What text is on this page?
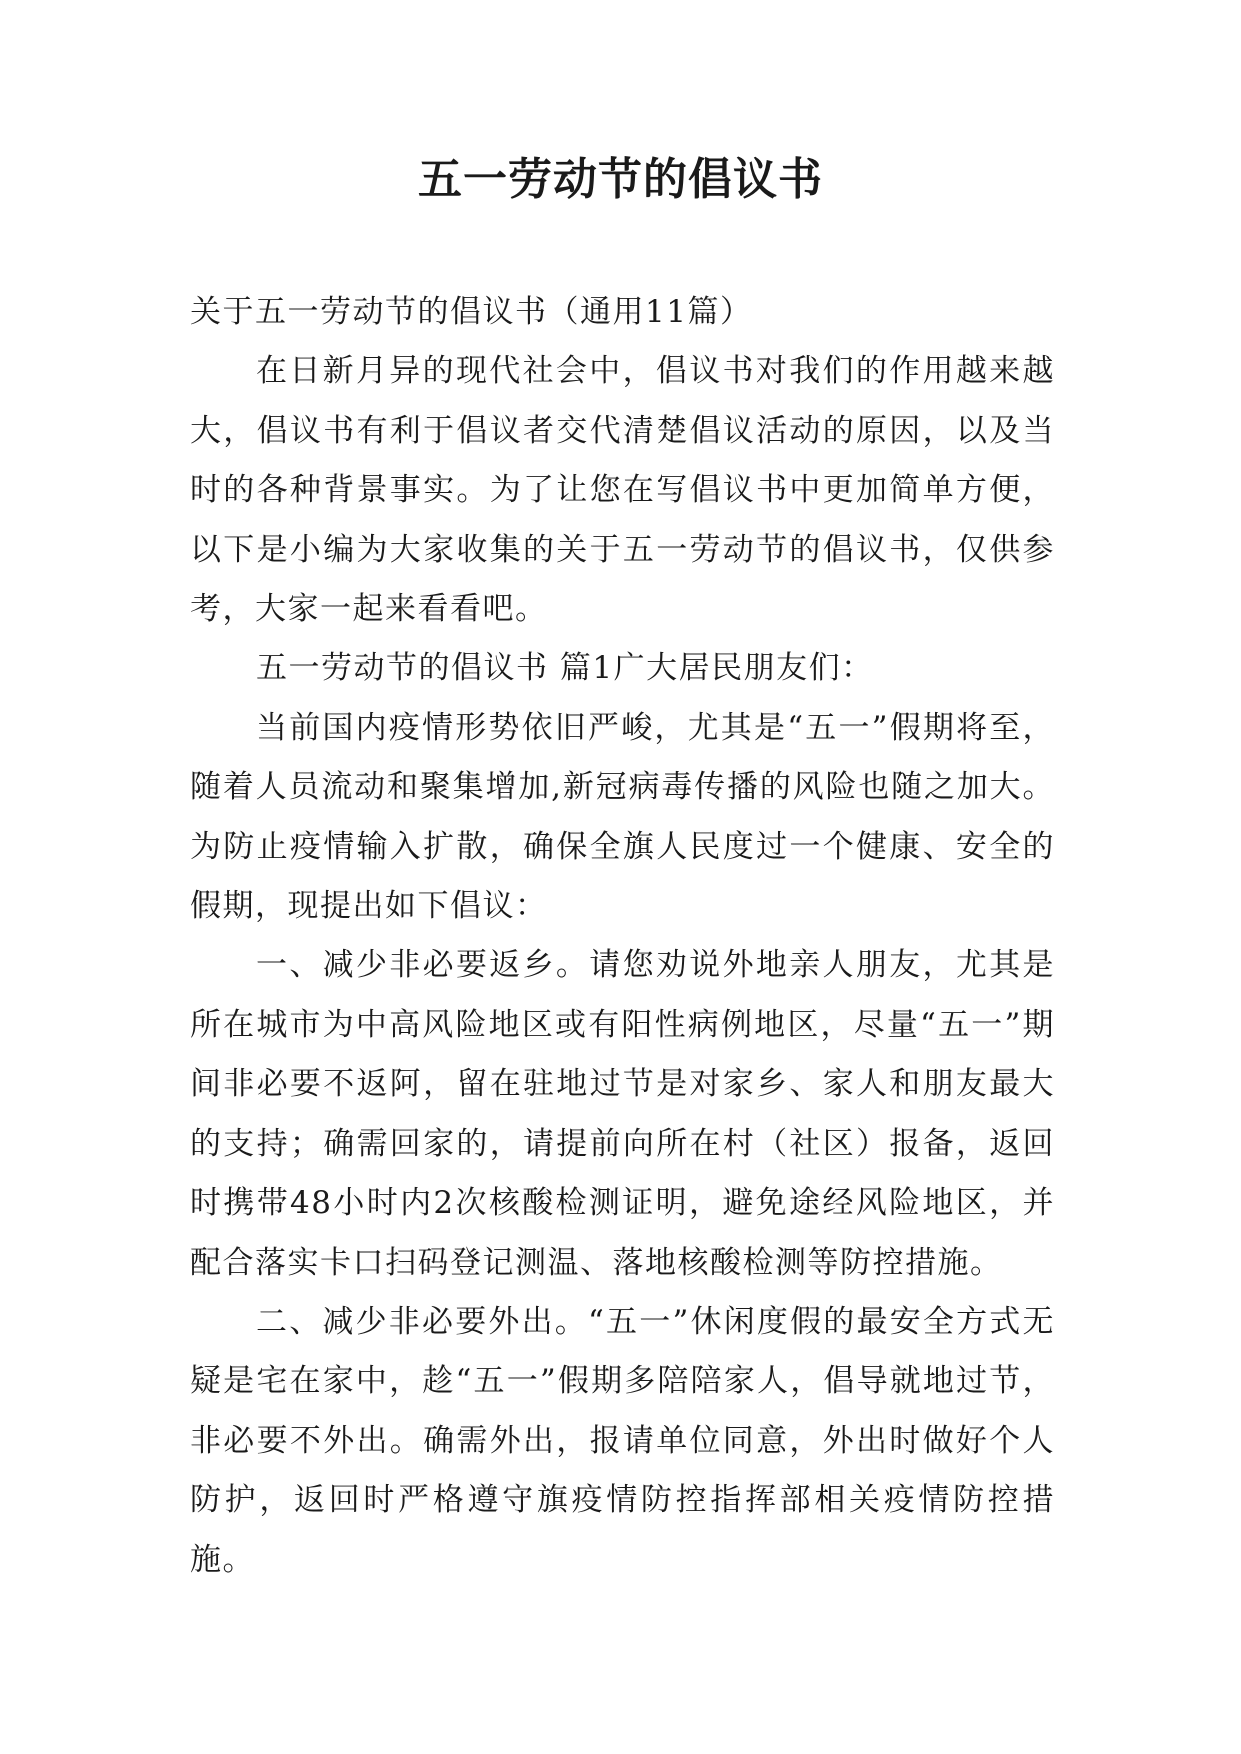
五一劳动节的倡议书

关于五一劳动节的倡议书（通用11篇）

在日新月异的现代社会中，倡议书对我们的作用越来越大，倡议书有利于倡议者交代清楚倡议活动的原因，以及当时的各种背景事实。为了让您在写倡议书中更加简单方便，以下是小编为大家收集的关于五一劳动节的倡议书，仅供参考，大家一起来看看吧。

五一劳动节的倡议书 篇1广大居民朋友们：

当前国内疫情形势依旧严峻，尤其是“五一”假期将至，随着人员流动和聚集增加,新冠病毒传播的风险也随之加大。为防止疫情输入扩散，确保全旗人民度过一个健康、安全的假期，现提出如下倡议：

一、减少非必要返乡。请您劝说外地亲人朋友，尤其是所在城市为中高风险地区或有阳性病例地区，尽量“五一”期间非必要不返阿，留在驻地过节是对家乡、家人和朋友最大的支持；确需回家的，请提前向所在村（社区）报备，返回时携带48小时内2次核酸检测证明，避免途经风险地区，并配合落实卡口扫码登记测温、落地核酸检测等防控措施。

二、减少非必要外出。“五一”休闲度假的最安全方式无疑是宅在家中，趁“五一”假期多陪陪家人，倡导就地过节，非必要不外出。确需外出，报请单位同意，外出时做好个人防护，返回时严格遵守旗疫情防控指挥部相关疫情防控措施。
